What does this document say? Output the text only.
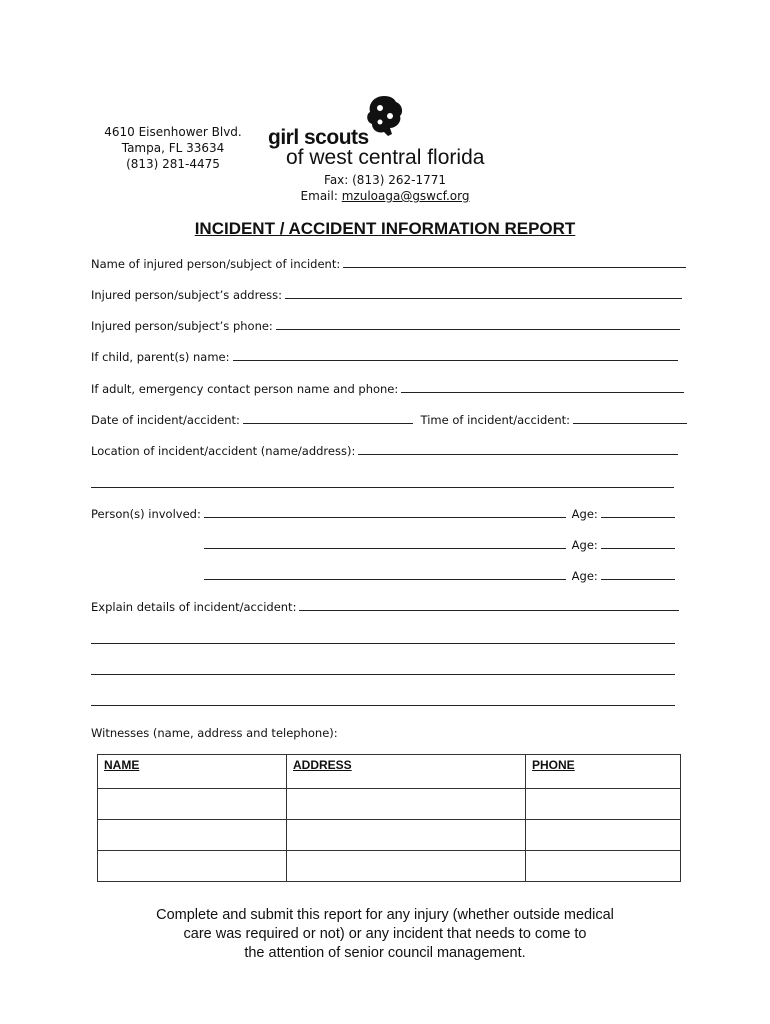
4610 Eisenhower Blvd.
Tampa, FL 33634
(813) 281-4475
girl scouts
of west central florida
Fax: (813) 262-1771
Email: mzuloaga@gswcf.org
INCIDENT / ACCIDENT INFORMATION REPORT
Name of injured person/subject of incident:
Injured person/subject’s address:
Injured person/subject’s phone:
If child, parent(s) name:
If adult, emergency contact person name and phone:
Date of incident/accident:	Time of incident/accident:
Location of incident/accident (name/address):
Person(s) involved:	Age:
Age:
Age:
Explain details of incident/accident:
Witnesses (name, address and telephone):
NAME	ADDRESS	PHONE

Complete and submit this report for any injury (whether outside medical
care was required or not) or any incident that needs to come to
the attention of senior council management.
